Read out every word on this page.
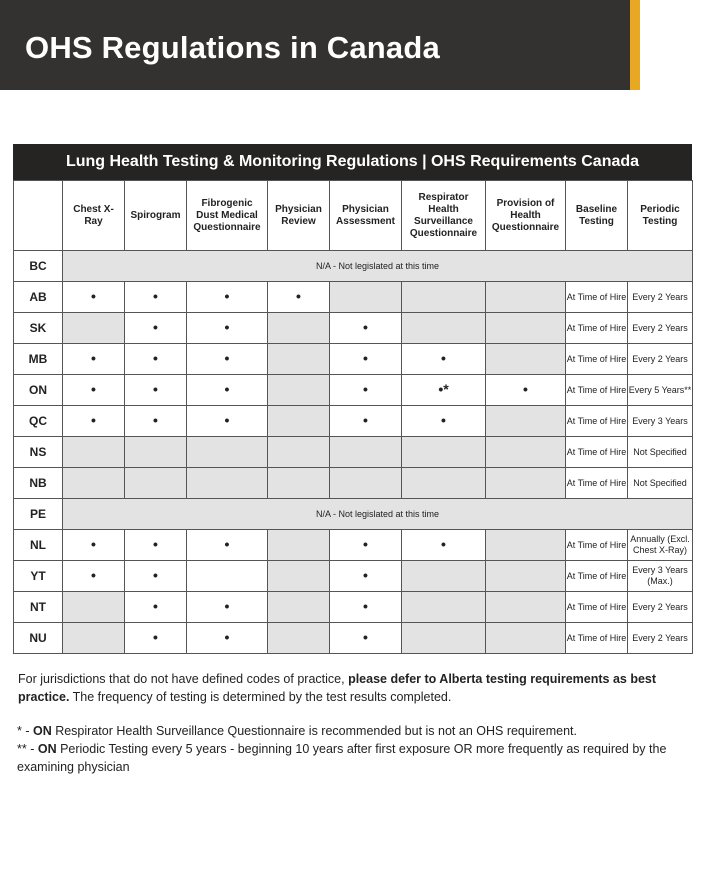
OHS Regulations in Canada
Lung Health Testing & Monitoring Regulations | OHS Requirements Canada
	Chest X-Ray	Spirogram	Fibrogenic Dust Medical Questionnaire	Physician Review	Physician Assessment	Respirator Health Surveillance Questionnaire	Provision of Health Questionnaire	Baseline Testing	Periodic Testing
BC	N/A - Not legislated at this time								
AB	•	•	•	•				At Time of Hire	Every 2 Years
SK		•	•		•			At Time of Hire	Every 2 Years
MB	•	•	•		•	•		At Time of Hire	Every 2 Years
ON	•	•	•		•	•*	•	At Time of Hire	Every 5 Years**
QC	•	•	•		•	•		At Time of Hire	Every 3 Years
NS								At Time of Hire	Not Specified
NB								At Time of Hire	Not Specified
PE	N/A - Not legislated at this time								
NL	•	•	•		•	•		At Time of Hire	Annually (Excl. Chest X-Ray)
YT	•	•			•			At Time of Hire	Every 3 Years (Max.)
NT		•	•		•			At Time of Hire	Every 2 Years
NU		•	•		•			At Time of Hire	Every 2 Years
For jurisdictions that do not have defined codes of practice, please defer to Alberta testing requirements as best practice. The frequency of testing is determined by the test results completed.
* - ON Respirator Health Surveillance Questionnaire is recommended but is not an OHS requirement.
** - ON Periodic Testing every 5 years - beginning 10 years after first exposure OR more frequently as required by the examining physician
